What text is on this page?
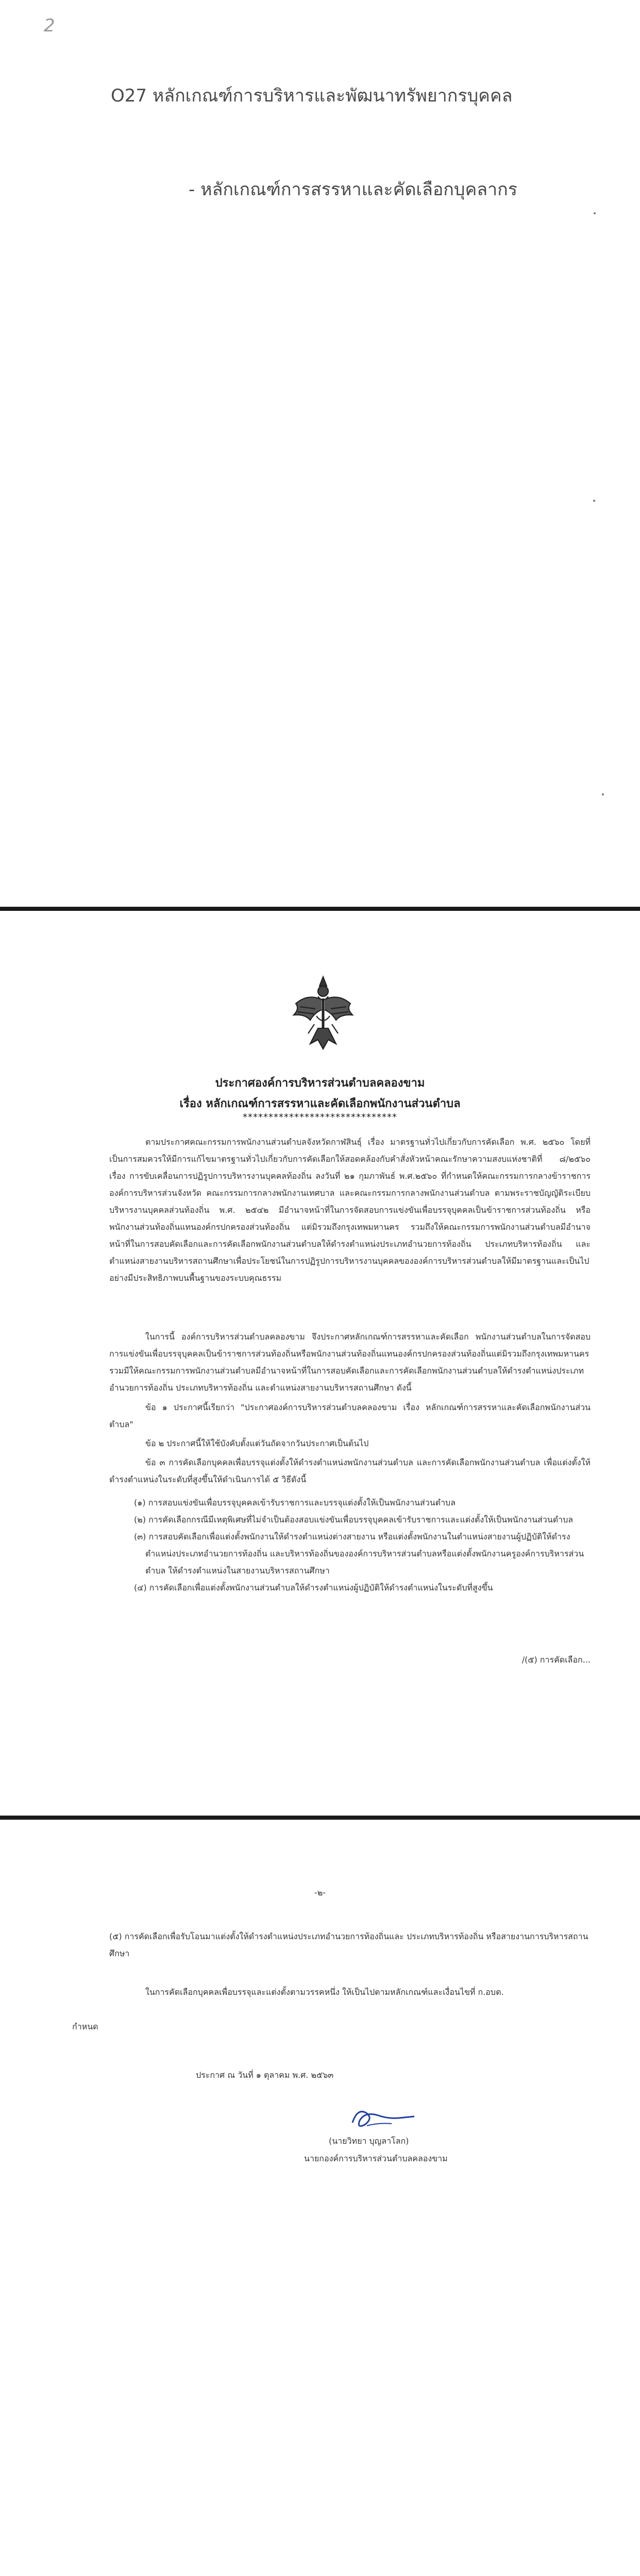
2
O27 หลักเกณฑ์การบริหารและพัฒนาทรัพยากรบุคคล
- หลักเกณฑ์การสรรหาและคัดเลือกบุคลากร
ประกาศองค์การบริหารส่วนตำบลคลองขาม
เรื่อง หลักเกณฑ์การสรรหาและคัดเลือกพนักงานส่วนตำบล
******************************
ตามประกาศคณะกรรมการพนักงานส่วนตำบลจังหวัดกาฬสินธุ์ เรื่อง มาตรฐานทั่วไปเกี่ยวกับการคัดเลือก พ.ศ. ๒๕๖๐ โดยที่เป็นการสมควรให้มีการแก้ไขมาตรฐานทั่วไปเกี่ยวกับการคัดเลือกให้สอดคล้องกับคำสั่งหัวหน้าคณะรักษาความสงบแห่งชาติที่ ๘/๒๕๖๐ เรื่อง การขับเคลื่อนการปฏิรูปการบริหารงานบุคคลท้องถิ่น ลงวันที่ ๒๑ กุมภาพันธ์ พ.ศ.๒๕๖๐ ที่กำหนดให้คณะกรรมการกลางข้าราชการองค์การบริหารส่วนจังหวัด คณะกรรมการกลางพนักงานเทศบาล และคณะกรรมการกลางพนักงานส่วนตำบล ตามพระราชบัญญัติระเบียบบริหารงานบุคคลส่วนท้องถิ่น พ.ศ. ๒๕๔๒ มีอำนาจหน้าที่ในการจัดสอบการแข่งขันเพื่อบรรจุบุคคลเป็นข้าราชการส่วนท้องถิ่น หรือพนักงานส่วนท้องถิ่นแทนองค์กรปกครองส่วนท้องถิ่น แต่มิรวมถึงกรุงเทพมหานคร รวมถึงให้คณะกรรมการพนักงานส่วนตำบลมีอำนาจหน้าที่ในการสอบคัดเลือกและการคัดเลือกพนักงานส่วนตำบลให้ดำรงตำแหน่งประเภทอำนวยการท้องถิ่น ประเภทบริหารท้องถิ่น และตำแหน่งสายงานบริหารสถานศึกษาเพื่อประโยชน์ในการปฏิรูปการบริหารงานบุคคลขององค์การบริหารส่วนตำบลให้มีมาตรฐานและเป็นไปอย่างมีประสิทธิภาพบนพื้นฐานของระบบคุณธรรม
ในการนี้ องค์การบริหารส่วนตำบลคลองขาม จึงประกาศหลักเกณฑ์การสรรหาและคัดเลือก พนักงานส่วนตำบลในการจัดสอบการแข่งขันเพื่อบรรจุบุคคลเป็นข้าราชการส่วนท้องถิ่นหรือพนักงานส่วนท้องถิ่นแทนองค์กรปกครองส่วนท้องถิ่นแต่มิรวมถึงกรุงเทพมหานคร รวมมีให้คณะกรรมการพนักงานส่วนตำบลมีอำนาจหน้าที่ในการสอบคัดเลือกและการคัดเลือกพนักงานส่วนตำบลให้ดำรงตำแหน่งประเภทอำนวยการท้องถิ่น ประเภทบริหารท้องถิ่น และตำแหน่งสายงานบริหารสถานศึกษา ดังนี้
ข้อ ๑ ประกาศนี้เรียกว่า "ประกาศองค์การบริหารส่วนตำบลคลองขาม เรื่อง หลักเกณฑ์การสรรหาและคัดเลือกพนักงานส่วนตำบล"
ข้อ ๒ ประกาศนี้ให้ใช้บังคับตั้งแต่วันถัดจากวันประกาศเป็นต้นไป
ข้อ ๓ การคัดเลือกบุคคลเพื่อบรรจุแต่งตั้งให้ดำรงตำแหน่งพนักงานส่วนตำบล และการคัดเลือกพนักงานส่วนตำบล เพื่อแต่งตั้งให้ดำรงตำแหน่งในระดับที่สูงขึ้นให้ดำเนินการได้ ๕ วิธีดังนี้
(๑) การสอบแข่งขันเพื่อบรรจุบุคคลเข้ารับราชการและบรรจุแต่งตั้งให้เป็นพนักงานส่วนตำบล
(๒) การคัดเลือกกรณีมีเหตุพิเศษที่ไม่จำเป็นต้องสอบแข่งขันเพื่อบรรจุบุคคลเข้ารับราชการและแต่งตั้งให้เป็นพนักงานส่วนตำบล
(๓) การสอบคัดเลือกเพื่อแต่งตั้งพนักงานให้ดำรงตำแหน่งต่างสายงาน หรือแต่งตั้งพนักงานในตำแหน่งสายงานผู้ปฏิบัติให้ดำรงตำแหน่งประเภทอำนวยการท้องถิ่น และบริหารท้องถิ่นขององค์การบริหารส่วนตำบลหรือแต่งตั้งพนักงานครูองค์การบริหารส่วนตำบล ให้ดำรงตำแหน่งในสายงานบริหารสถานศึกษา
(๔) การคัดเลือกเพื่อแต่งตั้งพนักงานส่วนตำบลให้ดำรงตำแหน่งผู้ปฏิบัติให้ดำรงตำแหน่งในระดับที่สูงขึ้น
/(๕) การคัดเลือก...
-๒-
(๕) การคัดเลือกเพื่อรับโอนมาแต่งตั้งให้ดำรงตำแหน่งประเภทอำนวยการท้องถิ่นและ ประเภทบริหารท้องถิ่น หรือสายงานการบริหารสถานศึกษา
ในการคัดเลือกบุคคลเพื่อบรรจุและแต่งตั้งตามวรรคหนึ่ง ให้เป็นไปตามหลักเกณฑ์และเงื่อนไขที่ ก.อบต.
กำหนด
ประกาศ ณ วันที่ ๑ ตุลาคม พ.ศ. ๒๕๖๓
(นายวิทยา บุญลาโลก)
นายกองค์การบริหารส่วนตำบลคลองขาม
